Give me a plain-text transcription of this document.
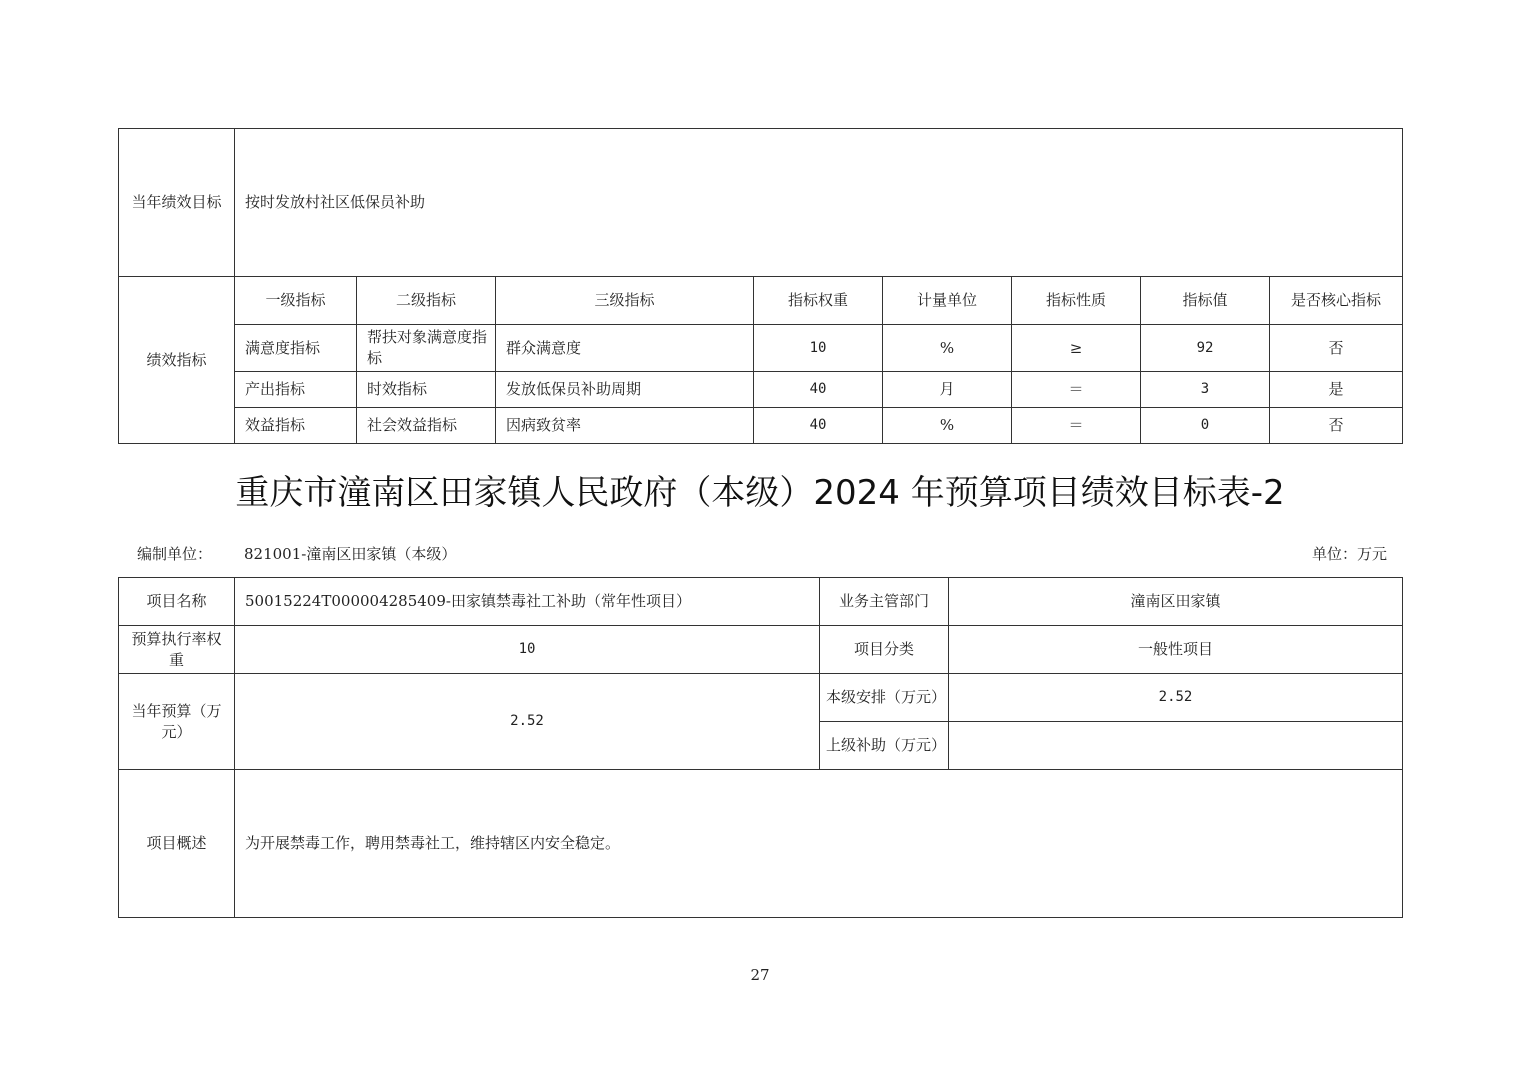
当年绩效目标	按时发放村社区低保员补助							
绩效指标	一级指标	二级指标	三级指标	指标权重	计量单位	指标性质	指标值	是否核心指标
	满意度指标	帮扶对象满意度指标	群众满意度	10	%	≥	92	否
	产出指标	时效指标	发放低保员补助周期	40	月	＝	3	是
	效益指标	社会效益指标	因病致贫率	40	%	＝	0	否
重庆市潼南区田家镇人民政府（本级）2024 年预算项目绩效目标表-2
编制单位： 821001-潼南区田家镇（本级）	单位：万元
项目名称	50015224T000004285409-田家镇禁毒社工补助（常年性项目）	业务主管部门	潼南区田家镇
预算执行率权重	10	项目分类	一般性项目
当年预算（万元）	2.52	本级安排（万元）	2.52
		上级补助（万元）	
项目概述	为开展禁毒工作，聘用禁毒社工，维持辖区内安全稳定。		
27
